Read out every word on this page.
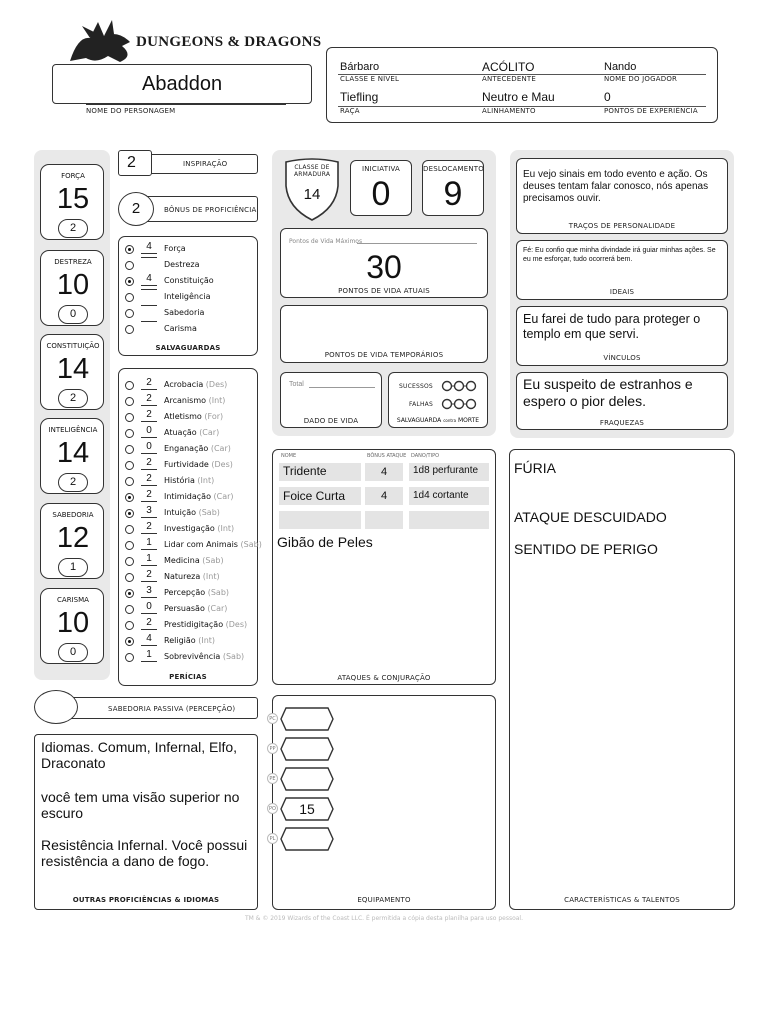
DUNGEONS & DRAGONS
Abaddon
NOME DO PERSONAGEM
Bárbaro
CLASSE E NÍVEL
ACÓLITO
ANTECEDENTE
Nando
NOME DO JOGADOR
Tiefling
RAÇA
Neutro e Mau
ALINHAMENTO
0
PONTOS DE EXPERIÊNCIA
FORÇA
15
2
DESTREZA
10
0
CONSTITUIÇÃO
14
2
INTELIGÊNCIA
14
2
SABEDORIA
12
1
CARISMA
10
0
2	INSPIRAÇÃO
2	BÔNUS DE PROFICIÊNCIA
4	Força
Destreza
4	Constituição
Inteligência
Sabedoria
Carisma
SALVAGUARDAS
2	Acrobacia (Des)
2	Arcanismo (Int)
2	Atletismo (For)
0	Atuação (Car)
0	Enganação (Car)
2	Furtividade (Des)
2	História (Int)
2	Intimidação (Car)
3	Intuição (Sab)
2	Investigação (Int)
1	Lidar com Animais (Sab)
1	Medicina (Sab)
2	Natureza (Int)
3	Percepção (Sab)
0	Persuasão (Car)
2	Prestidigitação (Des)
4	Religião (Int)
1	Sobrevivência (Sab)
PERÍCIAS
SABEDORIA PASSIVA (PERCEPÇÃO)
Idiomas. Comum, Infernal, Elfo, Draconato
você tem uma visão superior no escuro
Resistência Infernal. Você possui resistência a dano de fogo.
OUTRAS PROFICIÊNCIAS & IDIOMAS
CLASSE DE ARMADURA
14
INICIATIVA
0
DESLOCAMENTO
9
Pontos de Vida Máximos
30
PONTOS DE VIDA ATUAIS
PONTOS DE VIDA TEMPORÁRIOS
Total
DADO DE VIDA
SUCESSOS
FALHAS
SALVAGUARDA contra MORTE
NOME	BÔNUS ATAQUE DANO/TIPO
Tridente	4	1d8 perfurante
Foice Curta	4	1d4 cortante
Gibão de Peles
ATAQUES & CONJURAÇÃO
EQUIPAMENTO
PC
PP
PE
PO	15
PL
Eu vejo sinais em todo evento e ação. Os deuses tentam falar conosco, nós apenas precisamos ouvir.
TRAÇOS DE PERSONALIDADE
Fé: Eu confio que minha divindade irá guiar minhas ações. Se eu me esforçar, tudo ocorrerá bem.
IDEAIS
Eu farei de tudo para proteger o templo em que servi.
VÍNCULOS
Eu suspeito de estranhos e espero o pior deles.
FRAQUEZAS
FÚRIA
ATAQUE DESCUIDADO
SENTIDO DE PERIGO
CARACTERÍSTICAS & TALENTOS
TM & © 2019 Wizards of the Coast LLC. É permitida a cópia desta planilha para uso pessoal.
